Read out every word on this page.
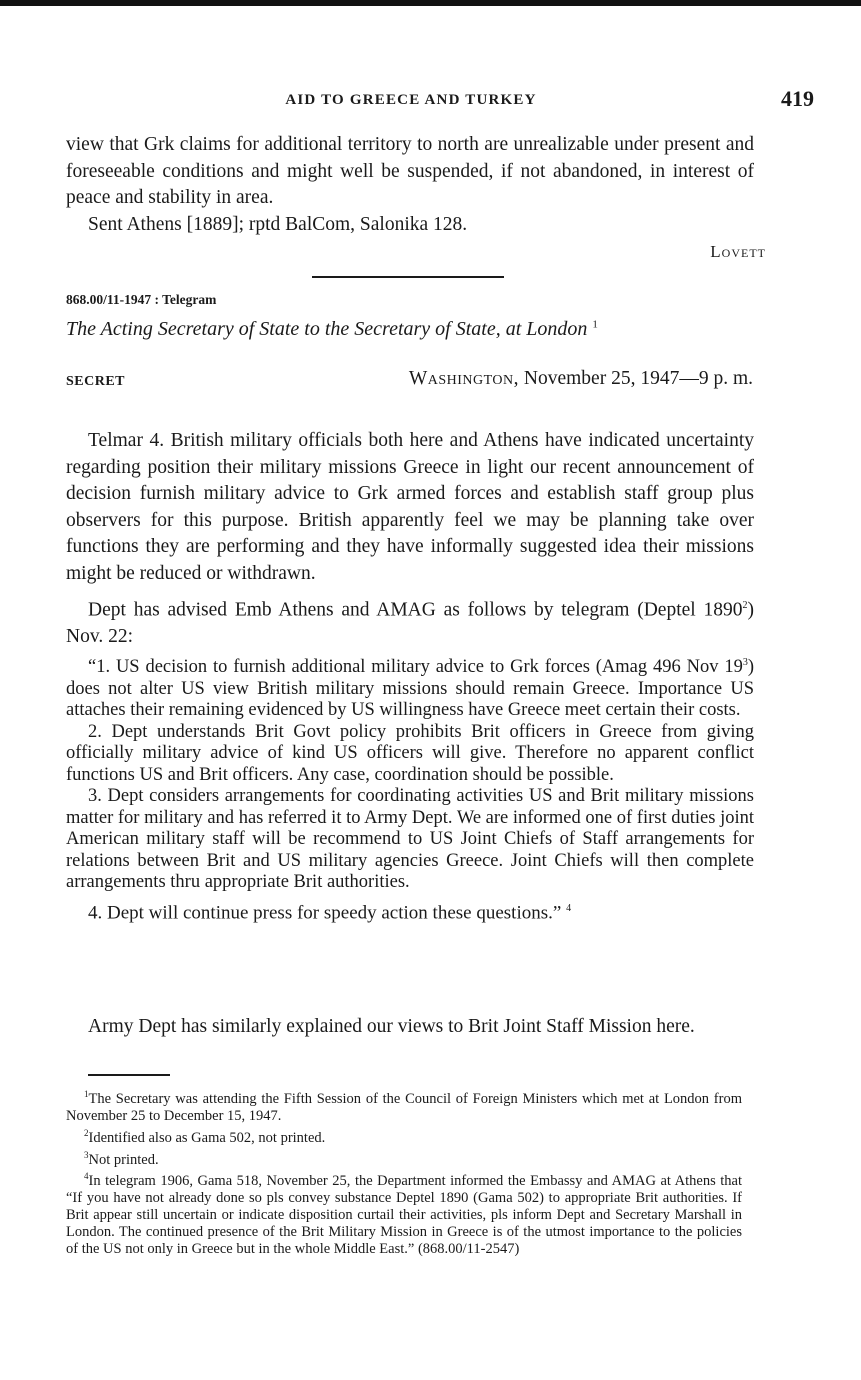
AID TO GREECE AND TURKEY	419

view that Grk claims for additional territory to north are unrealizable under present and foreseeable conditions and might well be suspended, if not abandoned, in interest of peace and stability in area.

Sent Athens [1889]; rptd BalCom, Salonika 128.

Lovett
868.00/11-1947 : Telegram
The Acting Secretary of State to the Secretary of State, at London $^1$
SECRET	Washington, November 25, 1947—9 p. m.

Telmar 4. British military officials both here and Athens have indicated uncertainty regarding position their military missions Greece in light our recent announcement of decision furnish military advice to Grk armed forces and establish staff group plus observers for this purpose. British apparently feel we may be planning take over functions they are performing and they have informally suggested idea their missions might be reduced or withdrawn.

Dept has advised Emb Athens and AMAG as follows by telegram (Deptel 1890$^2$) Nov. 22:

“1. US decision to furnish additional military advice to Grk forces (Amag 496 Nov $19^3$) does not alter US view British military missions should remain Greece. Importance US attaches their remaining evidenced by US willingness have Greece meet certain their costs.

2. Dept understands Brit Govt policy prohibits Brit officers in Greece from giving officially military advice of kind US officers will give. Therefore no apparent conflict functions US and Brit officers. Any case, coordination should be possible.

3. Dept considers arrangements for coordinating activities US and Brit military missions matter for military and has referred it to Army Dept. We are informed one of first duties joint American military staff will be recommend to US Joint Chiefs of Staff arrangements for relations between Brit and US military agencies Greece. Joint Chiefs will then complete arrangements thru appropriate Brit authorities.

4. Dept will continue press for speedy action these questions.” $^4$

Army Dept has similarly explained our views to Brit Joint Staff Mission here.

$^1$The Secretary was attending the Fifth Session of the Council of Foreign Ministers which met at London from November 25 to December 15, 1947.

$^2$Identified also as Gama 502, not printed.

$^3$Not printed.

$^4$In telegram 1906, Gama 518, November 25, the Department informed the Embassy and AMAG at Athens that “If you have not already done so pls convey substance Deptel 1890 (Gama 502) to appropriate Brit authorities. If Brit appear still uncertain or indicate disposition curtail their activities, pls inform Dept and Secretary Marshall in London. The continued presence of the Brit Military Mission in Greece is of the utmost importance to the policies of the US not only in Greece but in the whole Middle East.” (868.00/11-2547)
